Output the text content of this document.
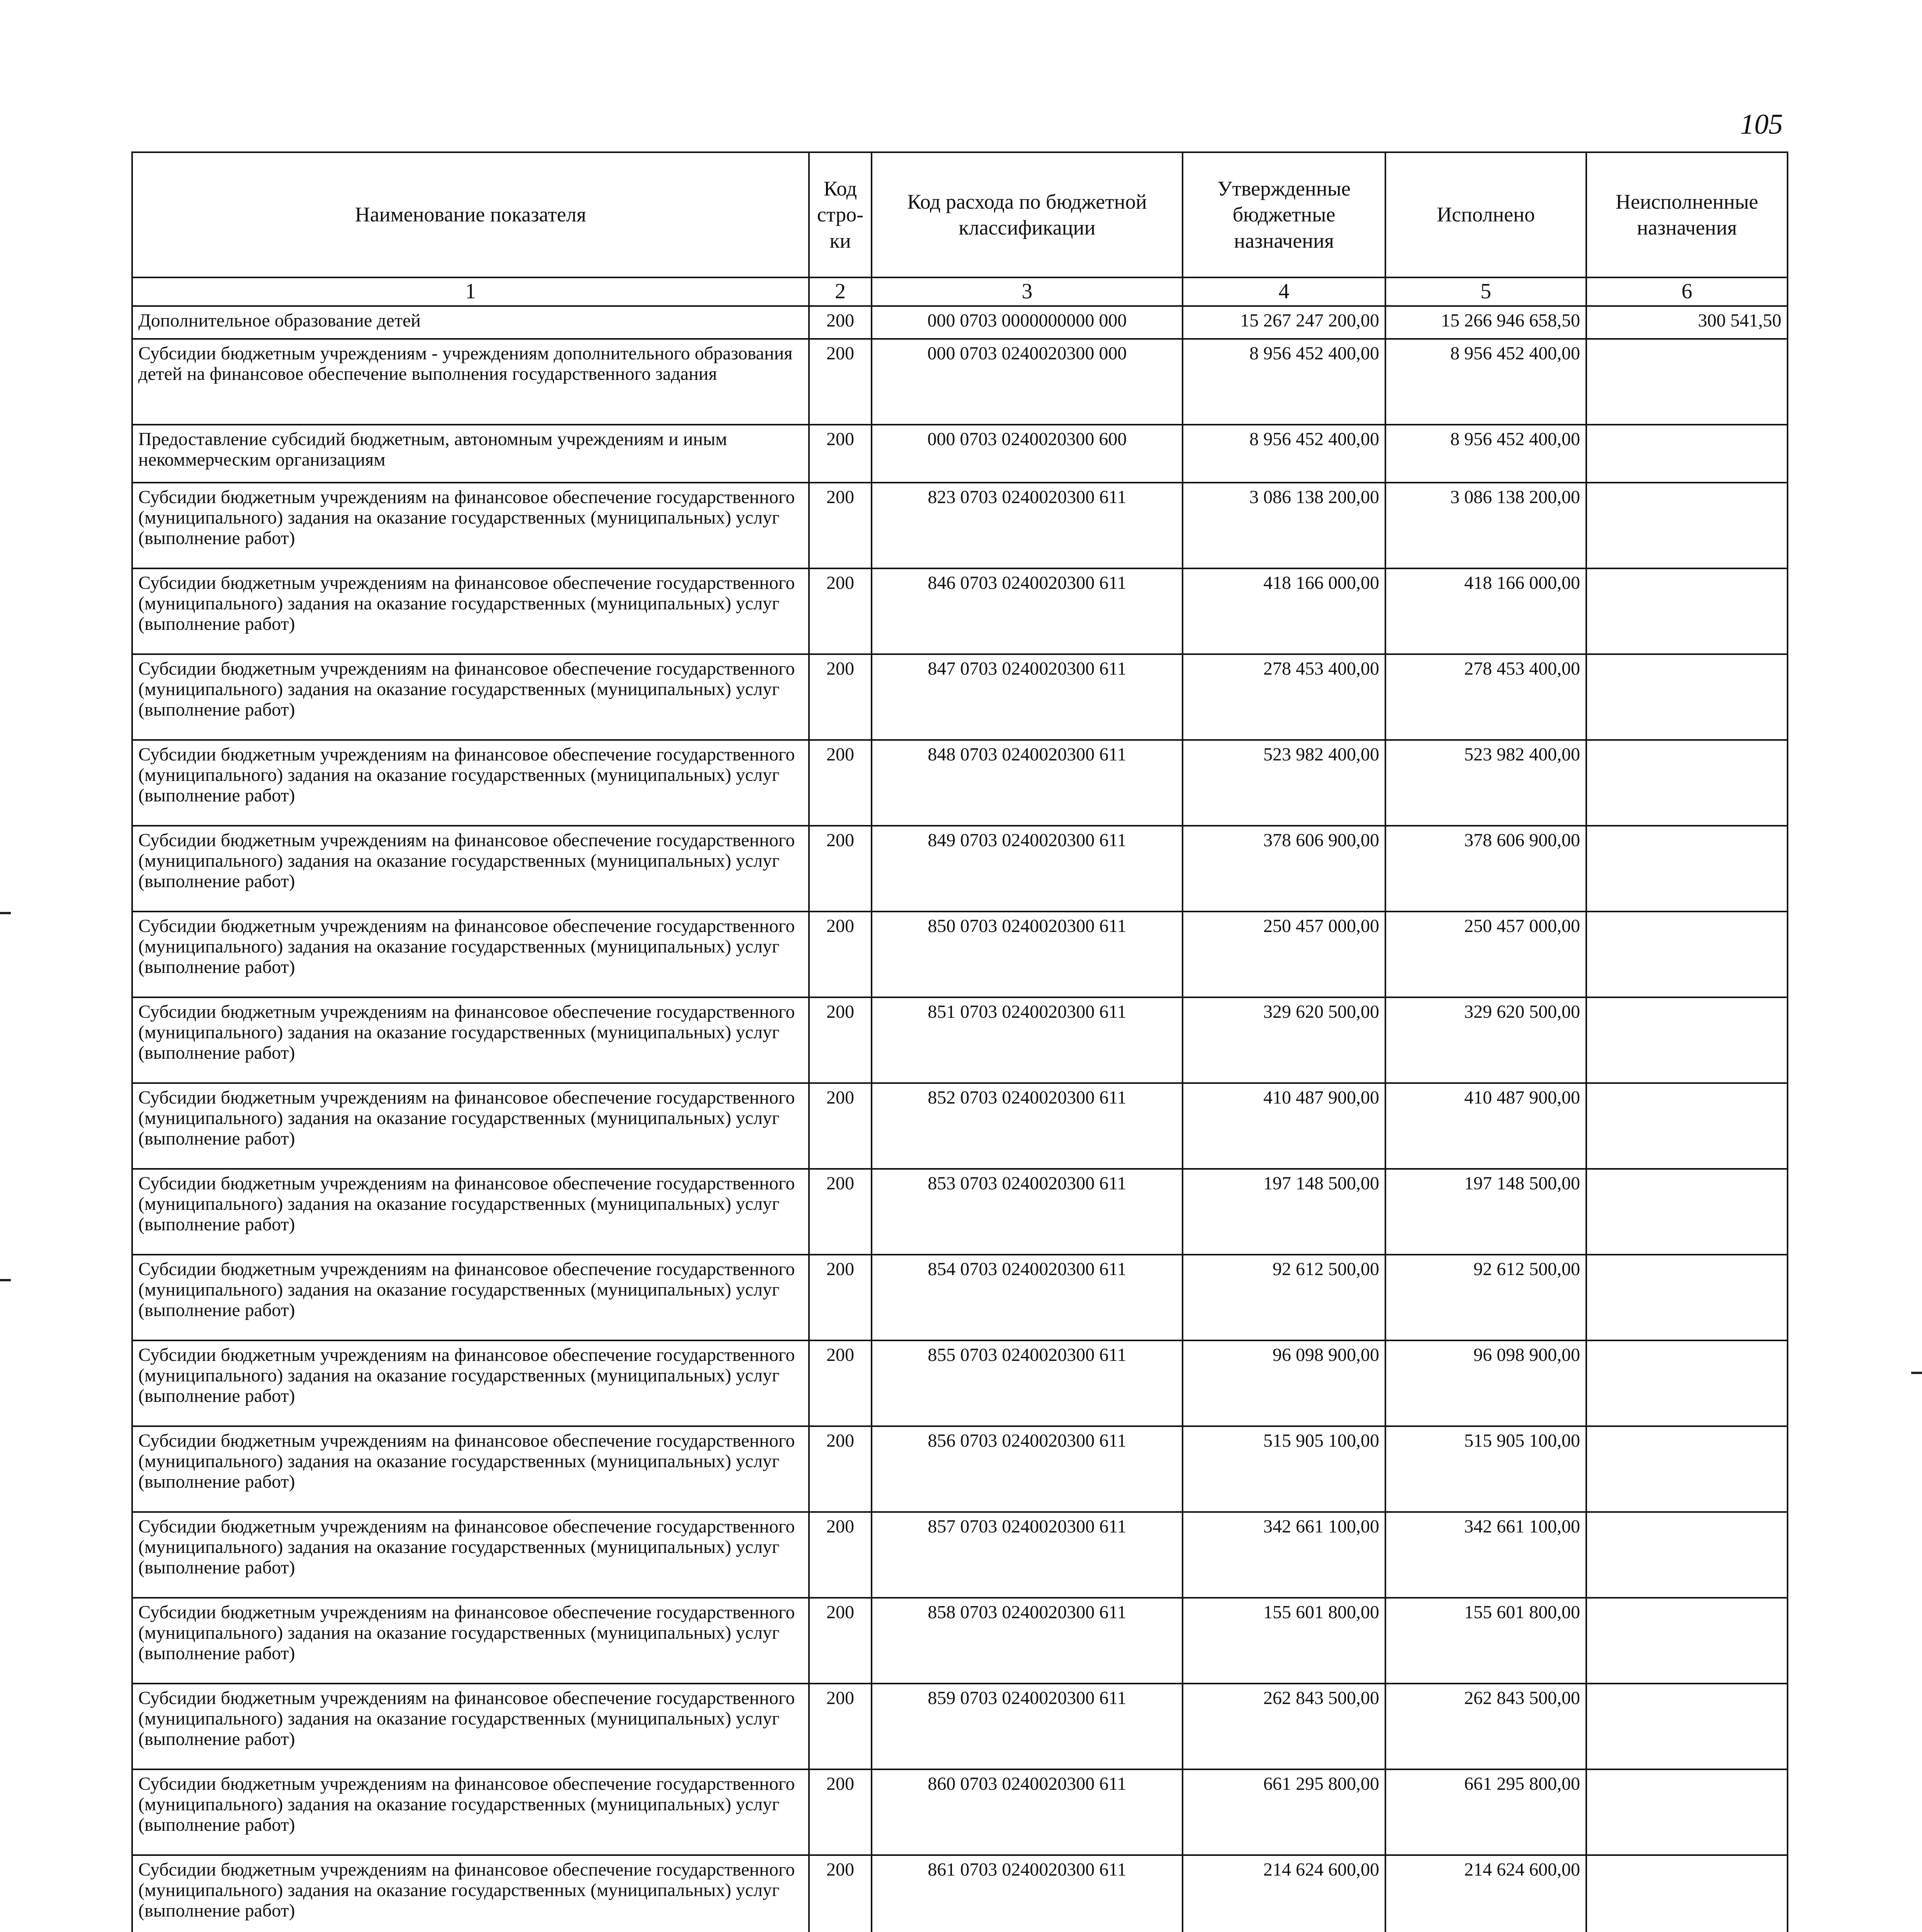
105
Наименование показателя	Код стро-ки	Код расхода по бюджетной классификации	Утвержденные бюджетные назначения	Исполнено	Неисполненные назначения
1	2	3	4	5	6
Дополнительное образование детей	200	000 0703 0000000000 000	15 267 247 200,00	15 266 946 658,50	300 541,50
Субсидии бюджетным учреждениям - учреждениям дополнительного образования детей на финансовое обеспечение выполнения государственного задания	200	000 0703 0240020300 000	8 956 452 400,00	8 956 452 400,00	
Предоставление субсидий бюджетным, автономным учреждениям и иным некоммерческим организациям	200	000 0703 0240020300 600	8 956 452 400,00	8 956 452 400,00	
Субсидии бюджетным учреждениям на финансовое обеспечение государственного (муниципального) задания на оказание государственных (муниципальных) услуг (выполнение работ)	200	823 0703 0240020300 611	3 086 138 200,00	3 086 138 200,00	
Субсидии бюджетным учреждениям на финансовое обеспечение государственного (муниципального) задания на оказание государственных (муниципальных) услуг (выполнение работ)	200	846 0703 0240020300 611	418 166 000,00	418 166 000,00	
Субсидии бюджетным учреждениям на финансовое обеспечение государственного (муниципального) задания на оказание государственных (муниципальных) услуг (выполнение работ)	200	847 0703 0240020300 611	278 453 400,00	278 453 400,00	
Субсидии бюджетным учреждениям на финансовое обеспечение государственного (муниципального) задания на оказание государственных (муниципальных) услуг (выполнение работ)	200	848 0703 0240020300 611	523 982 400,00	523 982 400,00	
Субсидии бюджетным учреждениям на финансовое обеспечение государственного (муниципального) задания на оказание государственных (муниципальных) услуг (выполнение работ)	200	849 0703 0240020300 611	378 606 900,00	378 606 900,00	
Субсидии бюджетным учреждениям на финансовое обеспечение государственного (муниципального) задания на оказание государственных (муниципальных) услуг (выполнение работ)	200	850 0703 0240020300 611	250 457 000,00	250 457 000,00	
Субсидии бюджетным учреждениям на финансовое обеспечение государственного (муниципального) задания на оказание государственных (муниципальных) услуг (выполнение работ)	200	851 0703 0240020300 611	329 620 500,00	329 620 500,00	
Субсидии бюджетным учреждениям на финансовое обеспечение государственного (муниципального) задания на оказание государственных (муниципальных) услуг (выполнение работ)	200	852 0703 0240020300 611	410 487 900,00	410 487 900,00	
Субсидии бюджетным учреждениям на финансовое обеспечение государственного (муниципального) задания на оказание государственных (муниципальных) услуг (выполнение работ)	200	853 0703 0240020300 611	197 148 500,00	197 148 500,00	
Субсидии бюджетным учреждениям на финансовое обеспечение государственного (муниципального) задания на оказание государственных (муниципальных) услуг (выполнение работ)	200	854 0703 0240020300 611	92 612 500,00	92 612 500,00	
Субсидии бюджетным учреждениям на финансовое обеспечение государственного (муниципального) задания на оказание государственных (муниципальных) услуг (выполнение работ)	200	855 0703 0240020300 611	96 098 900,00	96 098 900,00	
Субсидии бюджетным учреждениям на финансовое обеспечение государственного (муниципального) задания на оказание государственных (муниципальных) услуг (выполнение работ)	200	856 0703 0240020300 611	515 905 100,00	515 905 100,00	
Субсидии бюджетным учреждениям на финансовое обеспечение государственного (муниципального) задания на оказание государственных (муниципальных) услуг (выполнение работ)	200	857 0703 0240020300 611	342 661 100,00	342 661 100,00	
Субсидии бюджетным учреждениям на финансовое обеспечение государственного (муниципального) задания на оказание государственных (муниципальных) услуг (выполнение работ)	200	858 0703 0240020300 611	155 601 800,00	155 601 800,00	
Субсидии бюджетным учреждениям на финансовое обеспечение государственного (муниципального) задания на оказание государственных (муниципальных) услуг (выполнение работ)	200	859 0703 0240020300 611	262 843 500,00	262 843 500,00	
Субсидии бюджетным учреждениям на финансовое обеспечение государственного (муниципального) задания на оказание государственных (муниципальных) услуг (выполнение работ)	200	860 0703 0240020300 611	661 295 800,00	661 295 800,00	
Субсидии бюджетным учреждениям на финансовое обеспечение государственного (муниципального) задания на оказание государственных (муниципальных) услуг (выполнение работ)	200	861 0703 0240020300 611	214 624 600,00	214 624 600,00	
